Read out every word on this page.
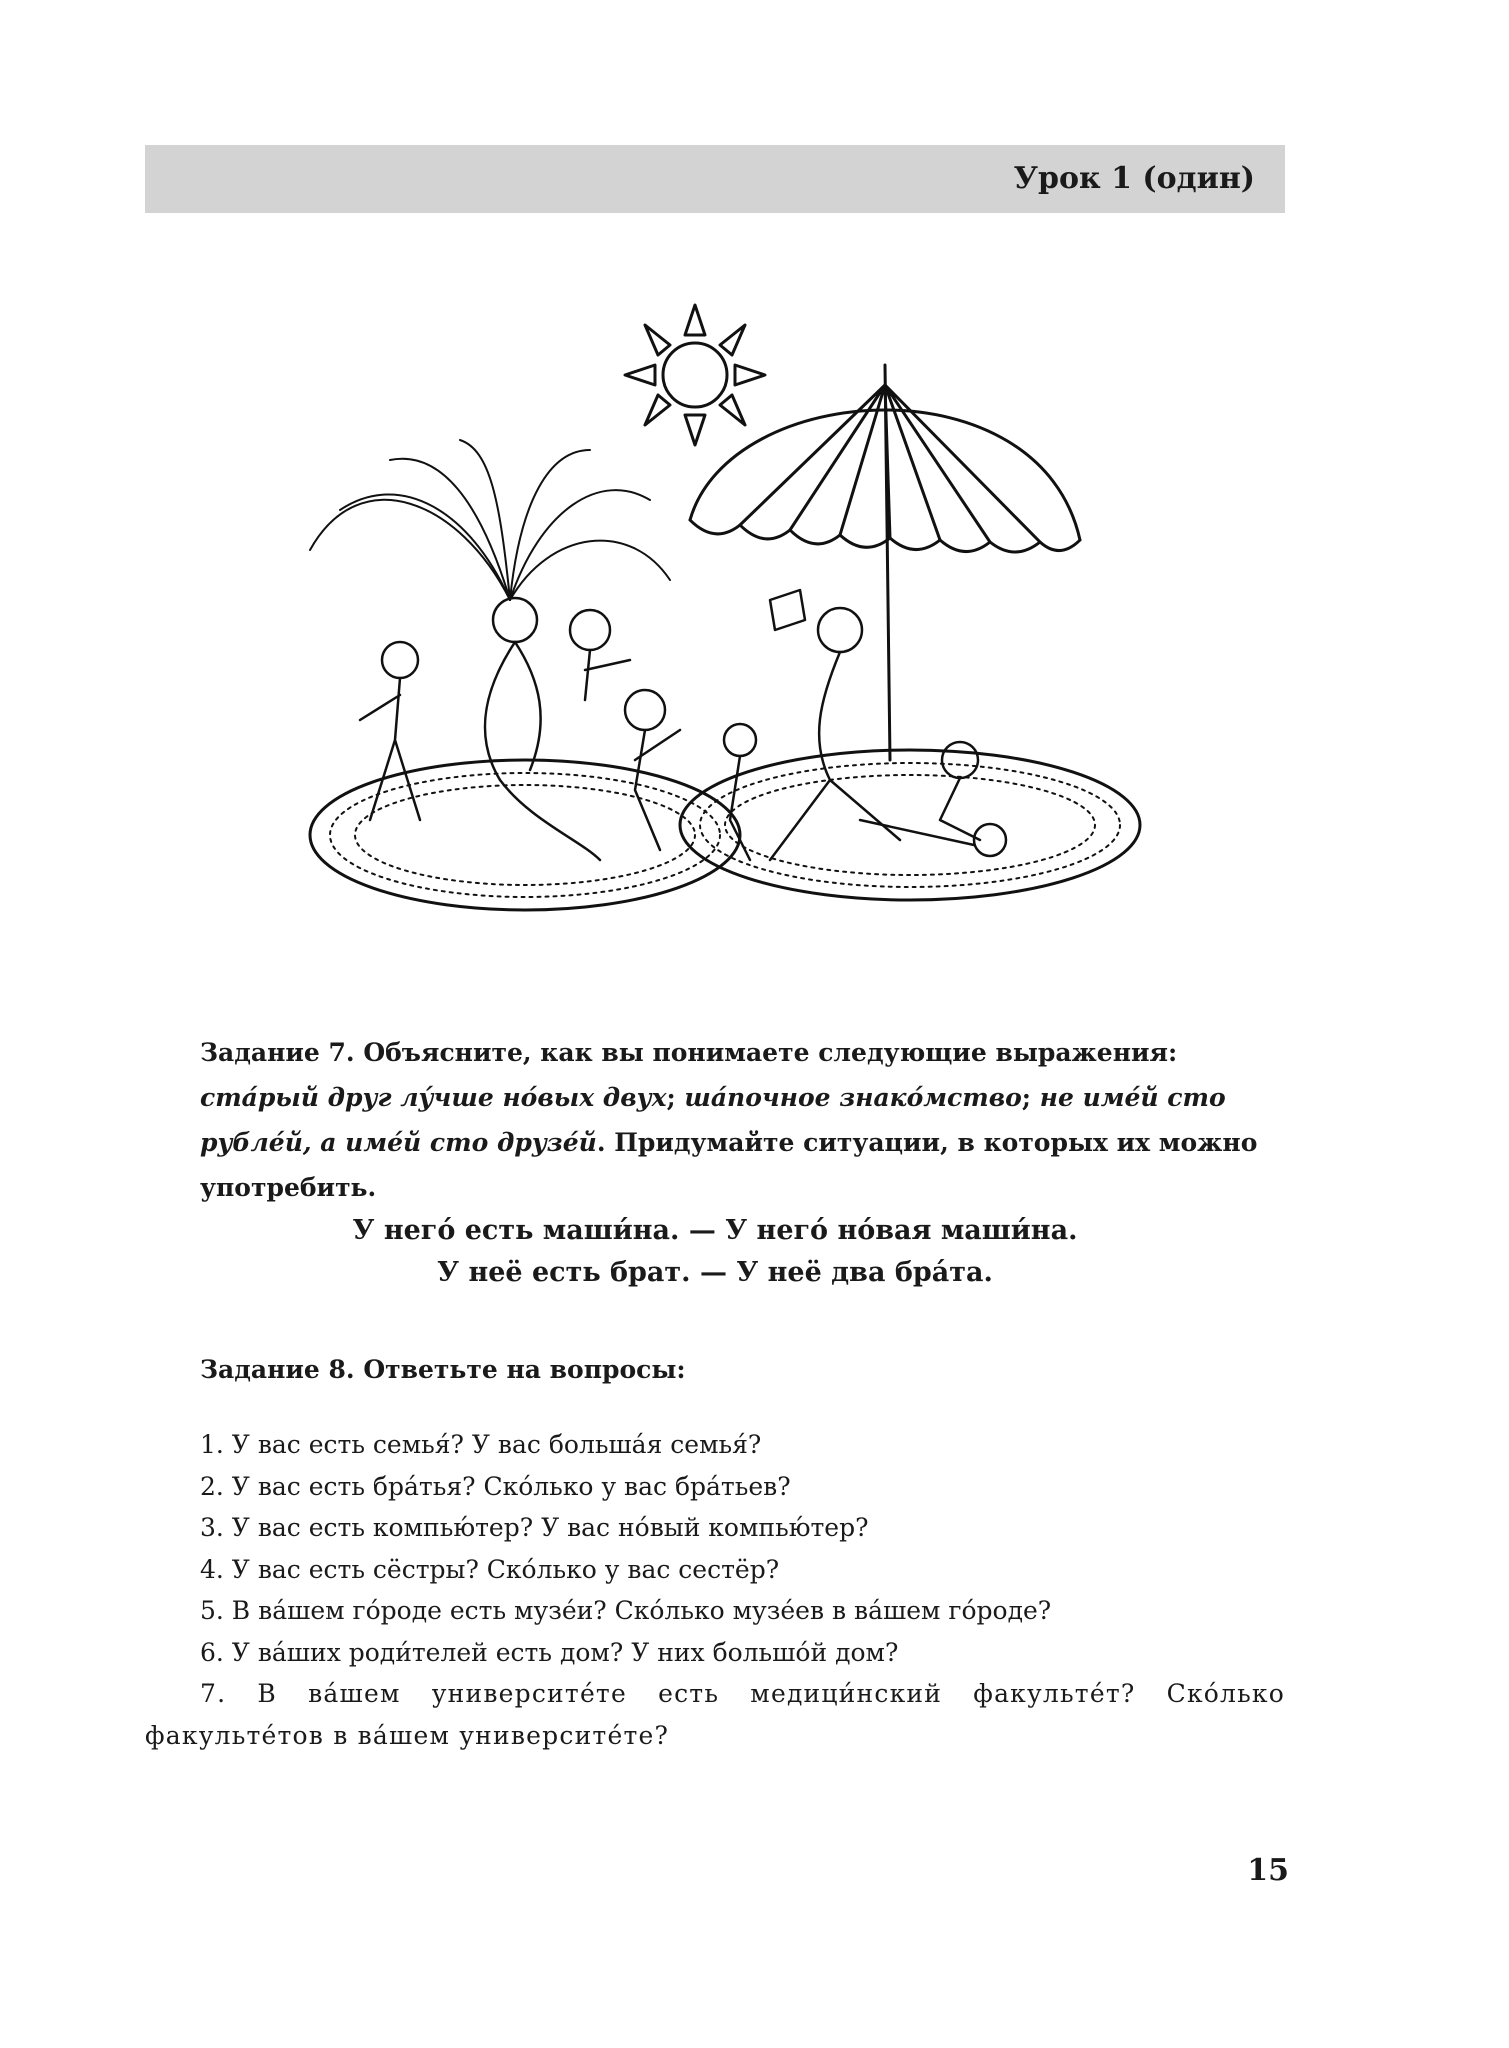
Урок 1 (один)
Задание 7. Объясните, как вы понимаете следующие выражения: ста́рый друг лу́чше но́вых двух; ша́почное знако́мство; не име́й сто рубле́й, а име́й сто друзе́й. Придумайте ситуации, в которых их можно употребить.
У него́ есть маши́на. — У него́ но́вая маши́на.
У неё есть брат. — У неё два бра́та.
Задание 8. Ответьте на вопросы:
1. У вас есть семья́? У вас больша́я семья́?
2. У вас есть бра́тья? Ско́лько у вас бра́тьев?
3. У вас есть компью́тер? У вас но́вый компью́тер?
4. У вас есть сёстры? Ско́лько у вас сестёр?
5. В ва́шем го́роде есть музе́и? Ско́лько музе́ев в ва́шем го́роде?
6. У ва́ших роди́телей есть дом? У них большо́й дом?
7. В ва́шем университе́те есть медици́нский факульте́т? Ско́лько факульте́тов в ва́шем университе́те?
15
